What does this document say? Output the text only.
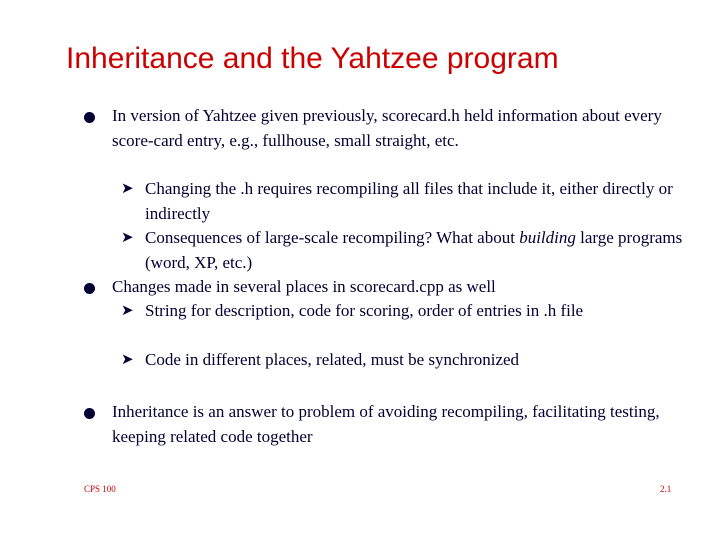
Inheritance and the Yahtzee program
In version of Yahtzee given previously, scorecard.h held information about every score-card entry, e.g., fullhouse, small straight, etc.
➤ Changing the .h requires recompiling all files that include it, either directly or indirectly
➤ Consequences of large-scale recompiling? What about building large programs (word, XP, etc.)
Changes made in several places in scorecard.cpp as well
➤ String for description, code for scoring, order of entries in .h file
➤ Code in different places, related, must be synchronized
Inheritance is an answer to problem of avoiding recompiling, facilitating testing, keeping related code together
CPS 100	2.1
